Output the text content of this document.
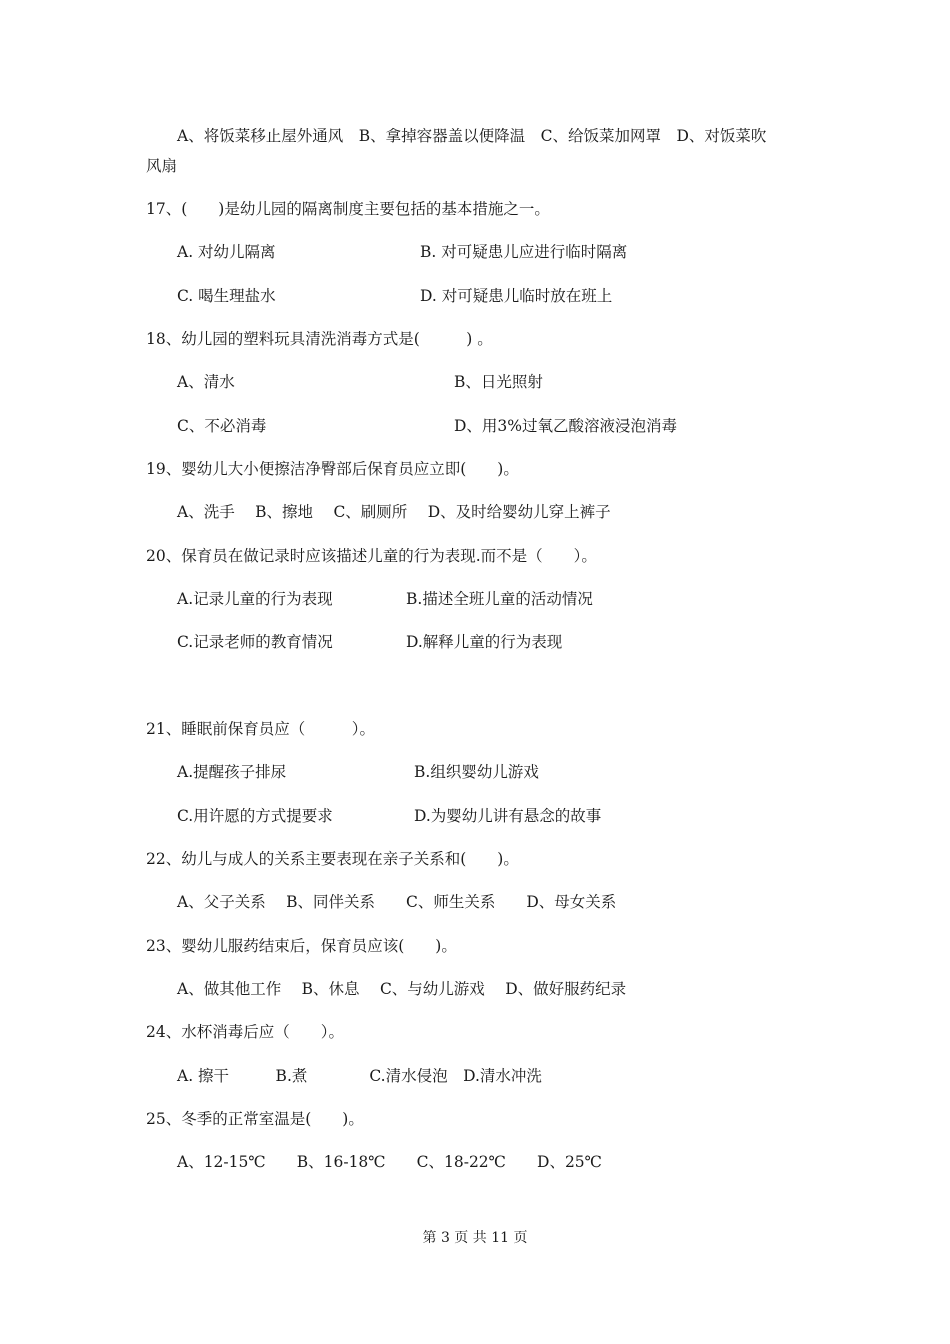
A、将饭菜移止屋外通风　B、拿掉容器盖以便降温　C、给饭菜加网罩　D、对饭菜吹
风扇
17、(　　)是幼儿园的隔离制度主要包括的基本措施之一。
A. 对幼儿隔离	B. 对可疑患儿应进行临时隔离
C. 喝生理盐水	D. 对可疑患儿临时放在班上
18、幼儿园的塑料玩具清洗消毒方式是(　　　) 。
A、清水	B、日光照射
C、不必消毒	D、用3%过氧乙酸溶液浸泡消毒
19、婴幼儿大小便擦洁净臀部后保育员应立即(　　)。
A、洗手　 B、擦地　 C、刷厕所　 D、及时给婴幼儿穿上裤子
20、保育员在做记录时应该描述儿童的行为表现.而不是（　　）。
A.记录儿童的行为表现	B.描述全班儿童的活动情况
C.记录老师的教育情况	D.解释儿童的行为表现
21、睡眠前保育员应（　　　）。
A.提醒孩子排尿	B.组织婴幼儿游戏
C.用许愿的方式提要求	D.为婴幼儿讲有悬念的故事
22、幼儿与成人的关系主要表现在亲子关系和(　　)。
A、父子关系　 B、同伴关系　　C、师生关系　　D、母女关系
23、婴幼儿服药结束后，保育员应该(　　)。
A、做其他工作　 B、休息　 C、与幼儿游戏　 D、做好服药纪录
24、水杯消毒后应（　　）。
A. 擦干　　　B.煮　　　　C.清水侵泡　D.清水冲洗
25、冬季的正常室温是(　　)。
A、12-15℃　　B、16-18℃　　C、18-22℃　　D、25℃
第 3 页 共 11 页
